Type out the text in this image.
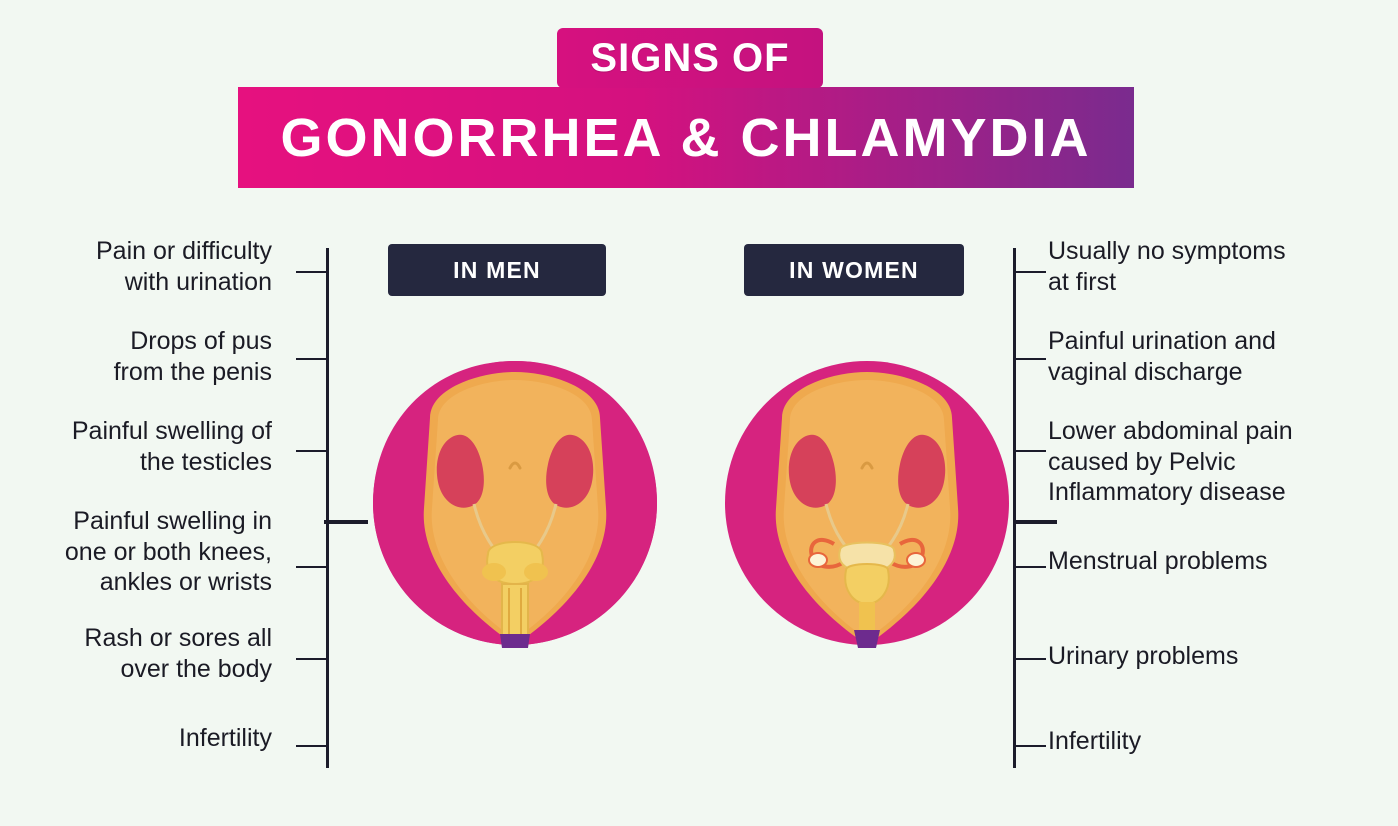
SIGNS OF
GONORRHEA & CHLAMYDIA
Pain or difficulty
with urination
Drops of pus
from the penis
Painful swelling of
the testicles
Painful swelling in
one or both knees,
ankles or wrists
Rash or sores all
over the body
Infertility
Usually no symptoms
at first
Painful urination and
vaginal discharge
Lower abdominal pain
caused by Pelvic
Inflammatory disease
Menstrual problems
Urinary problems
Infertility
IN MEN	IN WOMEN
